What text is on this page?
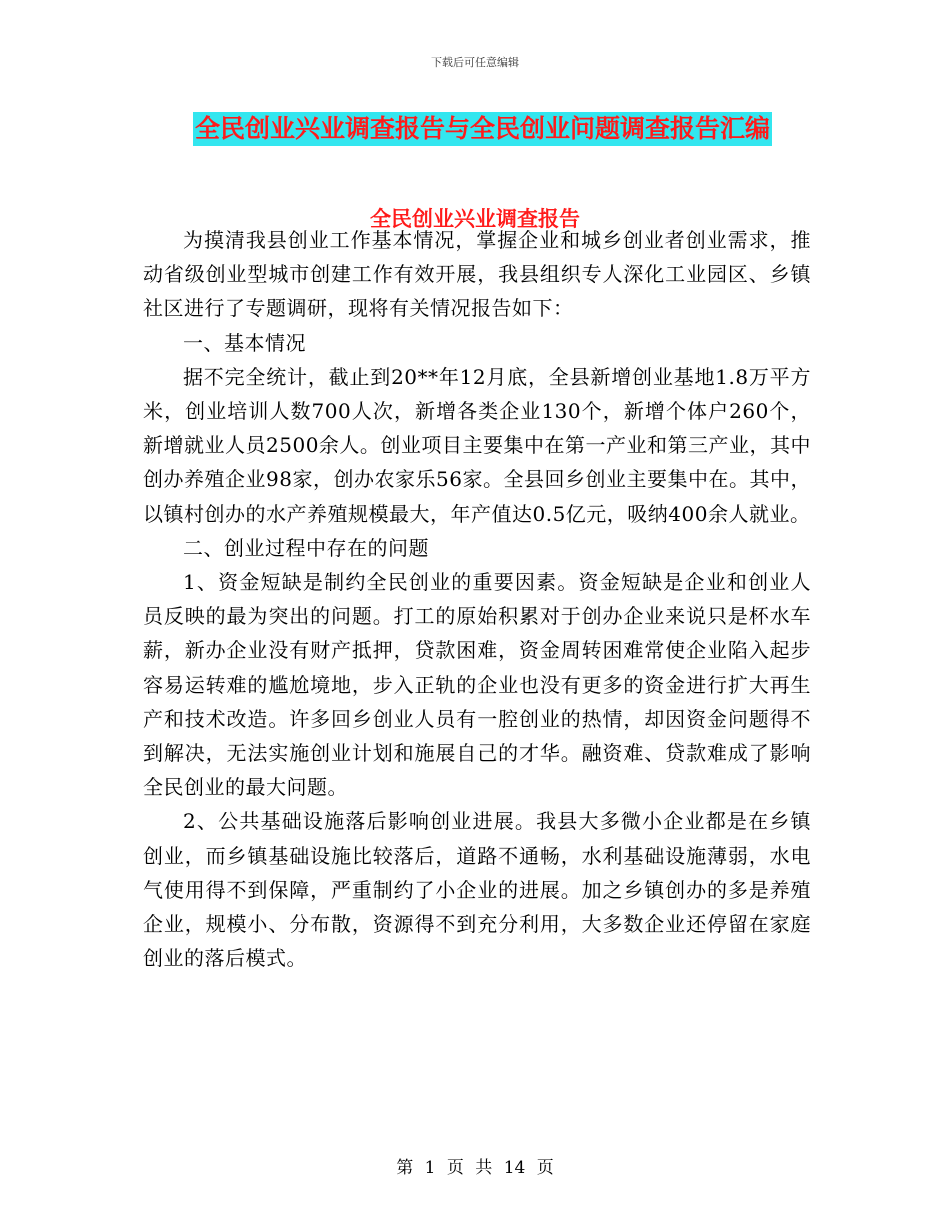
下载后可任意编辑
全民创业兴业调查报告与全民创业问题调查报告汇编
全民创业兴业调查报告

为摸清我县创业工作基本情况，掌握企业和城乡创业者创业需求，推动省级创业型城市创建工作有效开展，我县组织专人深化工业园区、乡镇社区进行了专题调研，现将有关情况报告如下：

一、基本情况

据不完全统计，截止到20**年12月底，全县新增创业基地1.8万平方米，创业培训人数700人次，新增各类企业130个，新增个体户260个，新增就业人员2500余人。创业项目主要集中在第一产业和第三产业，其中创办养殖企业98家，创办农家乐56家。全县回乡创业主要集中在。其中，以镇村创办的水产养殖规模最大，年产值达0.5亿元，吸纳400余人就业。

二、创业过程中存在的问题

1、资金短缺是制约全民创业的重要因素。资金短缺是企业和创业人员反映的最为突出的问题。打工的原始积累对于创办企业来说只是杯水车薪，新办企业没有财产抵押，贷款困难，资金周转困难常使企业陷入起步容易运转难的尴尬境地，步入正轨的企业也没有更多的资金进行扩大再生产和技术改造。许多回乡创业人员有一腔创业的热情，却因资金问题得不到解决，无法实施创业计划和施展自己的才华。融资难、贷款难成了影响全民创业的最大问题。

2、公共基础设施落后影响创业进展。我县大多微小企业都是在乡镇创业，而乡镇基础设施比较落后，道路不通畅，水利基础设施薄弱，水电气使用得不到保障，严重制约了小企业的进展。加之乡镇创办的多是养殖企业，规模小、分布散，资源得不到充分利用，大多数企业还停留在家庭创业的落后模式。

第 1 页 共 14 页
